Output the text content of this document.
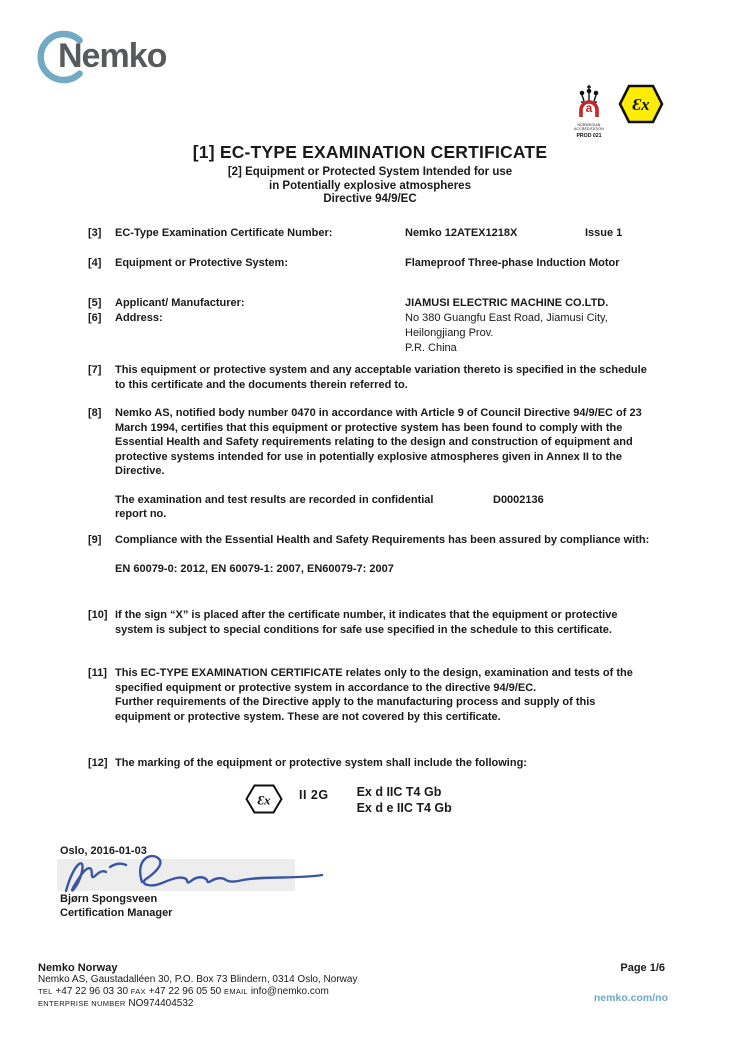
Nemko
a
NORWEGIAN
ACCREDITATION
PROD 021
Ɛx
[1] EC-TYPE EXAMINATION CERTIFICATE
[2] Equipment or Protected System Intended for use
in Potentially explosive atmospheres
Directive 94/9/EC
[3]	EC-Type Examination Certificate Number:	Nemko 12ATEX1218X	Issue 1
[4]	Equipment or Protective System:	Flameproof Three-phase Induction Motor
[5]	Applicant/ Manufacturer:	JIAMUSI ELECTRIC MACHINE CO.LTD.
[6]	Address:	No 380 Guangfu East Road, Jiamusi City,
Heilongjiang Prov.
P.R. China
[7]	This equipment or protective system and any acceptable variation thereto is specified in the schedule to this certificate and the documents therein referred to.
[8]	Nemko AS, notified body number 0470 in accordance with Article 9 of Council Directive 94/9/EC of 23 March 1994, certifies that this equipment or protective system has been found to comply with the Essential Health and Safety requirements relating to the design and construction of equipment and protective systems intended for use in potentially explosive atmospheres given in Annex II to the Directive.
The examination and test results are recorded in confidential	D0002136
report no.
[9]	Compliance with the Essential Health and Safety Requirements has been assured by compliance with:
EN 60079-0: 2012, EN 60079-1: 2007, EN60079-7: 2007
[10] If the sign “X” is placed after the certificate number, it indicates that the equipment or protective system is subject to special conditions for safe use specified in the schedule to this certificate.
[11] This EC-TYPE EXAMINATION CERTIFICATE relates only to the design, examination and tests of the specified equipment or protective system in accordance to the directive 94/9/EC.
Further requirements of the Directive apply to the manufacturing process and supply of this equipment or protective system. These are not covered by this certificate.
[12] The marking of the equipment or protective system shall include the following:
Ɛx II 2G Ex d IIC T4 Gb
Ex d e IIC T4 Gb
Oslo, 2016-01-03
Bjørn Spongsveen
Certification Manager
Nemko Norway
Nemko AS, Gaustadalléen 30, P.O. Box 73 Blindern, 0314 Oslo, Norway
TEL +47 22 96 03 30 FAX +47 22 96 05 50 EMAIL info@nemko.com
ENTERPRISE NUMBER NO974404532
Page 1/6
nemko.com/no
